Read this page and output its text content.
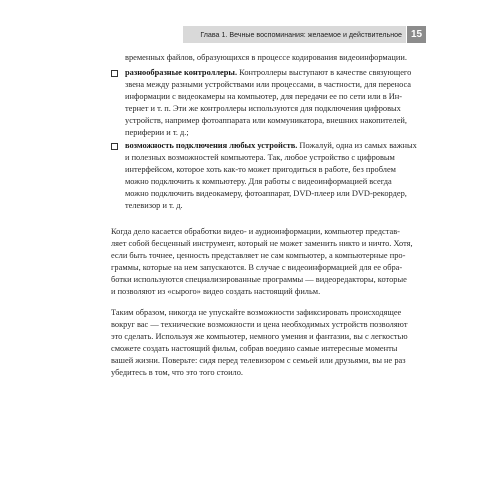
Глава 1. Вечные воспоминания: желаемое и действительное 15
временных файлов, образующихся в процессе кодирования видеоинформации.
разнообразные контроллеры. Контроллеры выступают в качестве связующего
звена между разными устройствами или процессами, в частности, для переноса
информации с видеокамеры на компьютер, для передачи ее по сети или в Ин-
тернет и т. п. Эти же контроллеры используются для подключения цифровых
устройств, например фотоаппарата или коммуникатора, внешних накопителей,
периферии и т. д.;
возможность подключения любых устройств. Пожалуй, одна из самых важных
и полезных возможностей компьютера. Так, любое устройство с цифровым
интерфейсом, которое хоть как-то может пригодиться в работе, без проблем
можно подключить к компьютеру. Для работы с видеоинформацией всегда
можно подключить видеокамеру, фотоаппарат, DVD-плеер или DVD-рекордер,
телевизор и т. д.
Когда дело касается обработки видео- и аудиоинформации, компьютер представ-
ляет собой бесценный инструмент, который не может заменить никто и ничто. Хотя,
если быть точнее, ценность представляет не сам компьютер, а компьютерные про-
граммы, которые на нем запускаются. В случае с видеоинформацией для ее обра-
ботки используются специализированные программы — видеоредакторы, которые
и позволяют из «сырого» видео создать настоящий фильм.
Таким образом, никогда не упускайте возможности зафиксировать происходящее
вокруг вас — технические возможности и цена необходимых устройств позволяют
это сделать. Используя же компьютер, немного умения и фантазии, вы с легкостью
сможете создать настоящий фильм, собрав воедино самые интересные моменты
вашей жизни. Поверьте: сидя перед телевизором с семьей или друзьями, вы не раз
убедитесь в том, что это того стоило.
